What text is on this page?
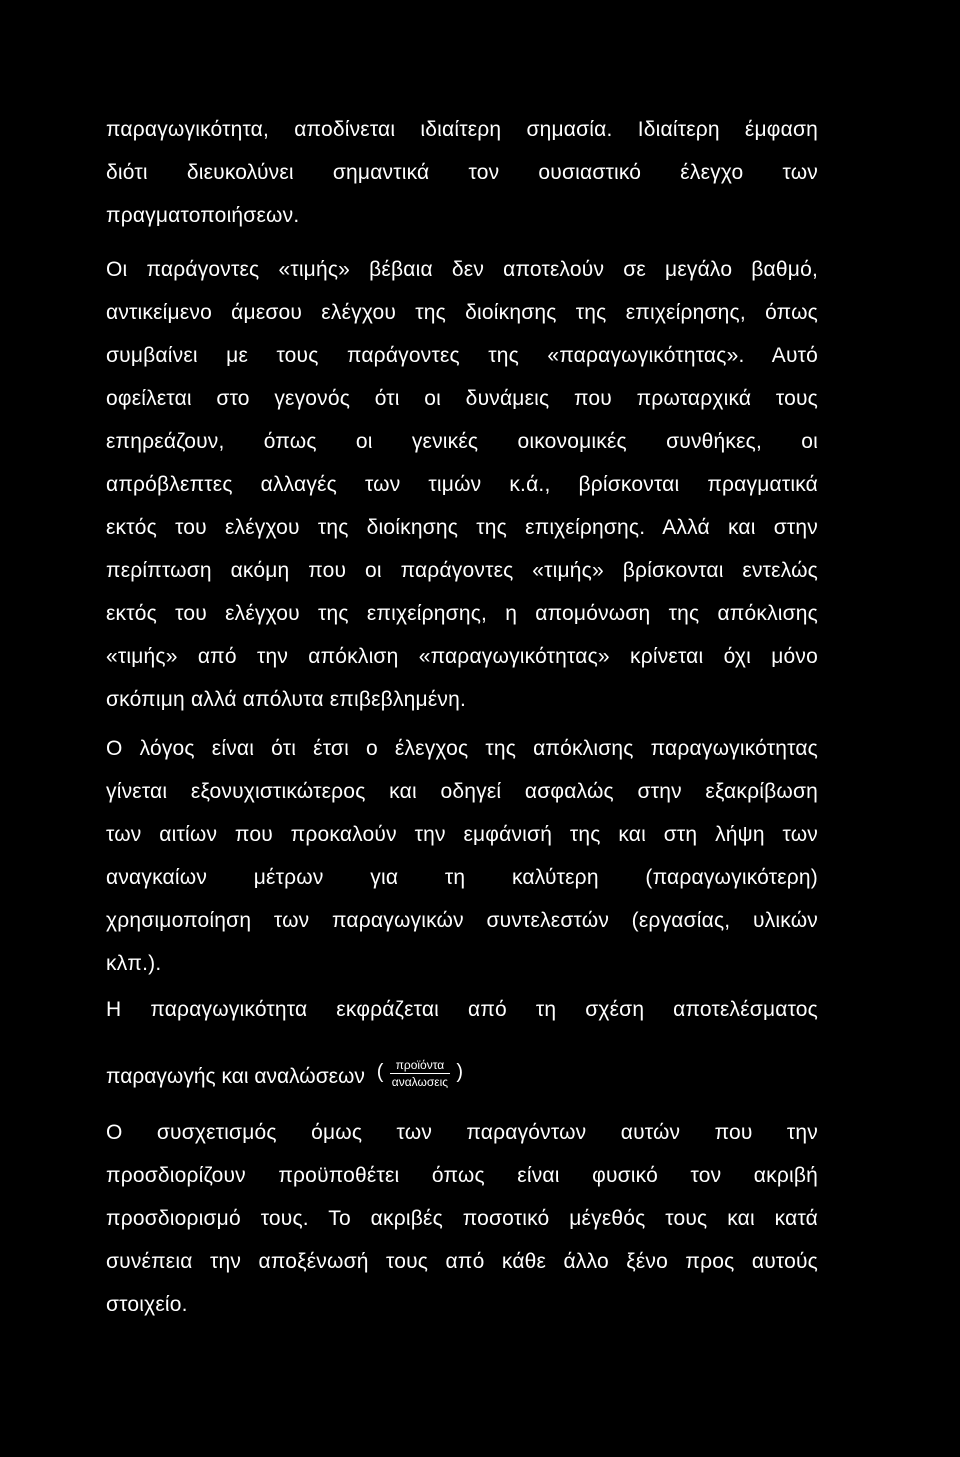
παραγωγικότητα, αποδίνεται ιδιαίτερη σημασία. Ιδιαίτερη έμφαση
διότι διευκολύνει σημαντικά τον ουσιαστικό έλεγχο των
πραγματοποιήσεων.
Οι παράγοντες «τιμής» βέβαια δεν αποτελούν σε μεγάλο βαθμό,
αντικείμενο άμεσου ελέγχου της διοίκησης της επιχείρησης, όπως
συμβαίνει με τους παράγοντες της «παραγωγικότητας». Αυτό
οφείλεται στο γεγονός ότι οι δυνάμεις που πρωταρχικά τους
επηρεάζουν, όπως οι γενικές οικονομικές συνθήκες, οι
απρόβλεπτες αλλαγές των τιμών κ.ά., βρίσκονται πραγματικά
εκτός του ελέγχου της διοίκησης της επιχείρησης. Αλλά και στην
περίπτωση ακόμη που οι παράγοντες «τιμής» βρίσκονται εντελώς
εκτός του ελέγχου της επιχείρησης, η απομόνωση της απόκλισης
«τιμής» από την απόκλιση «παραγωγικότητας» κρίνεται όχι μόνο
σκόπιμη αλλά απόλυτα επιβεβλημένη.
Ο λόγος είναι ότι έτσι ο έλεγχος της απόκλισης παραγωγικότητας
γίνεται εξονυχιστικώτερος και οδηγεί ασφαλώς στην εξακρίβωση
των αιτίων που προκαλούν την εμφάνισή της και στη λήψη των
αναγκαίων μέτρων για τη καλύτερη (παραγωγικότερη)
χρησιμοποίηση των παραγωγικών συντελεστών (εργασίας, υλικών
κλπ.).
Η παραγωγικότητα εκφράζεται από τη σχέση αποτελέσματος
παραγωγής και αναλώσεων ( $\frac{\text{προϊόντα}}{\text{αναλωσεις}}$ )
Ο συσχετισμός όμως των παραγόντων αυτών που την
προσδιορίζουν προϋποθέτει όπως είναι φυσικό τον ακριβή
προσδιορισμό τους. Το ακριβές ποσοτικό μέγεθός τους και κατά
συνέπεια την αποξένωσή τους από κάθε άλλο ξένο προς αυτούς
στοιχείο.
